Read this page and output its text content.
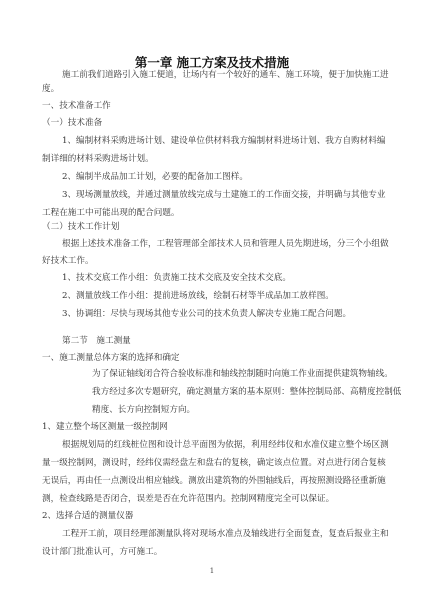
第一章 施工方案及技术措施
施工前我们道路引入施工便道，让场内有一个较好的通车、施工环境，便于加快施工进
度。
一、技术准备工作
（一）技术准备
1、编制材料采购进场计划、建设单位供材料我方编制材料进场计划、我方自购材料编
制详细的材料采购进场计划。
2、编制半成品加工计划，必要的配备加工图样。
3、现场测量放线，并通过测量放线完成与土建施工的工作面交接，并明确与其他专业
工程在施工中可能出现的配合问题。
（二）技术工作计划
根据上述技术准备工作，工程管理部全部技术人员和管理人员先期进场，分三个小组做
好技术工作。
1、技术交底工作小组：负责施工技术交底及安全技术交底。
2、测量放线工作小组：提前进场放线，绘制石材等半成品加工放样图。
3、协调组：尽快与现场其他专业公司的技术负责人解决专业施工配合问题。
第二节　施工测量
一、施工测量总体方案的选择和确定
为了保证轴线闭合符合验收标准和轴线控制随时向施工作业面提供建筑物轴线。
我方经过多次专题研究，确定测量方案的基本原则：整体控制局部、高精度控制低
精度、长方向控制短方向。
1、建立整个场区测量一级控制网
根据规划局的红线桩位图和设计总平面图为依据，利用经纬仪和水准仪建立整个场区测
量一级控制网，测设时，经纬仪需经盘左和盘右的复核，确定该点位置。对点进行闭合复核
无误后，再由任一点测设出相应轴线。测放出建筑物的外围轴线后，再按照测设路径重新施
测，检查线路是否闭合，误差是否在允许范围内。控制网精度完全可以保证。
2、选择合适的测量仪器
工程开工前，项目经理部测量队将对现场水准点及轴线进行全面复查，复查后报业主和
设计部门批准认可，方可施工。
1
